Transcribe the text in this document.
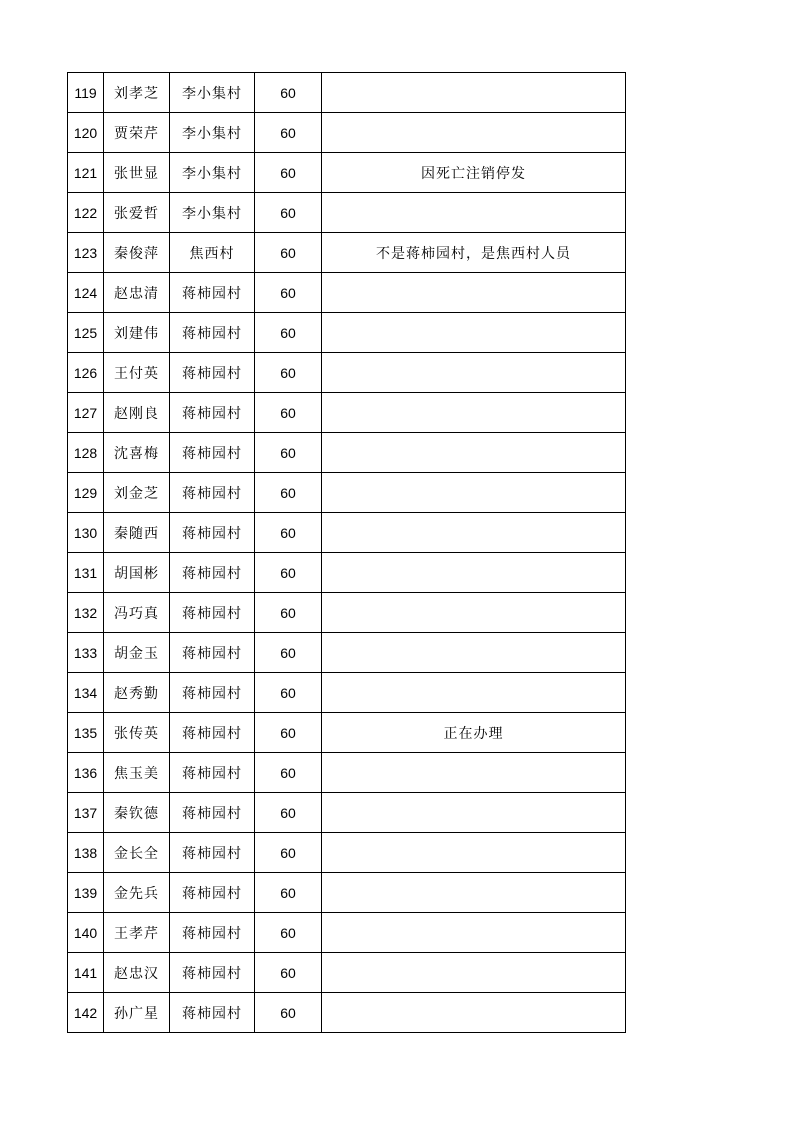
119	刘孝芝	李小集村	60	
120	贾荣芹	李小集村	60	
121	张世显	李小集村	60	因死亡注销停发
122	张爱哲	李小集村	60	
123	秦俊萍	焦西村	60	不是蒋柿园村，是焦西村人员
124	赵忠清	蒋柿园村	60	
125	刘建伟	蒋柿园村	60	
126	王付英	蒋柿园村	60	
127	赵刚良	蒋柿园村	60	
128	沈喜梅	蒋柿园村	60	
129	刘金芝	蒋柿园村	60	
130	秦随西	蒋柿园村	60	
131	胡国彬	蒋柿园村	60	
132	冯巧真	蒋柿园村	60	
133	胡金玉	蒋柿园村	60	
134	赵秀勤	蒋柿园村	60	
135	张传英	蒋柿园村	60	正在办理
136	焦玉美	蒋柿园村	60	
137	秦钦德	蒋柿园村	60	
138	金长全	蒋柿园村	60	
139	金先兵	蒋柿园村	60	
140	王孝芹	蒋柿园村	60	
141	赵忠汉	蒋柿园村	60	
142	孙广星	蒋柿园村	60	
